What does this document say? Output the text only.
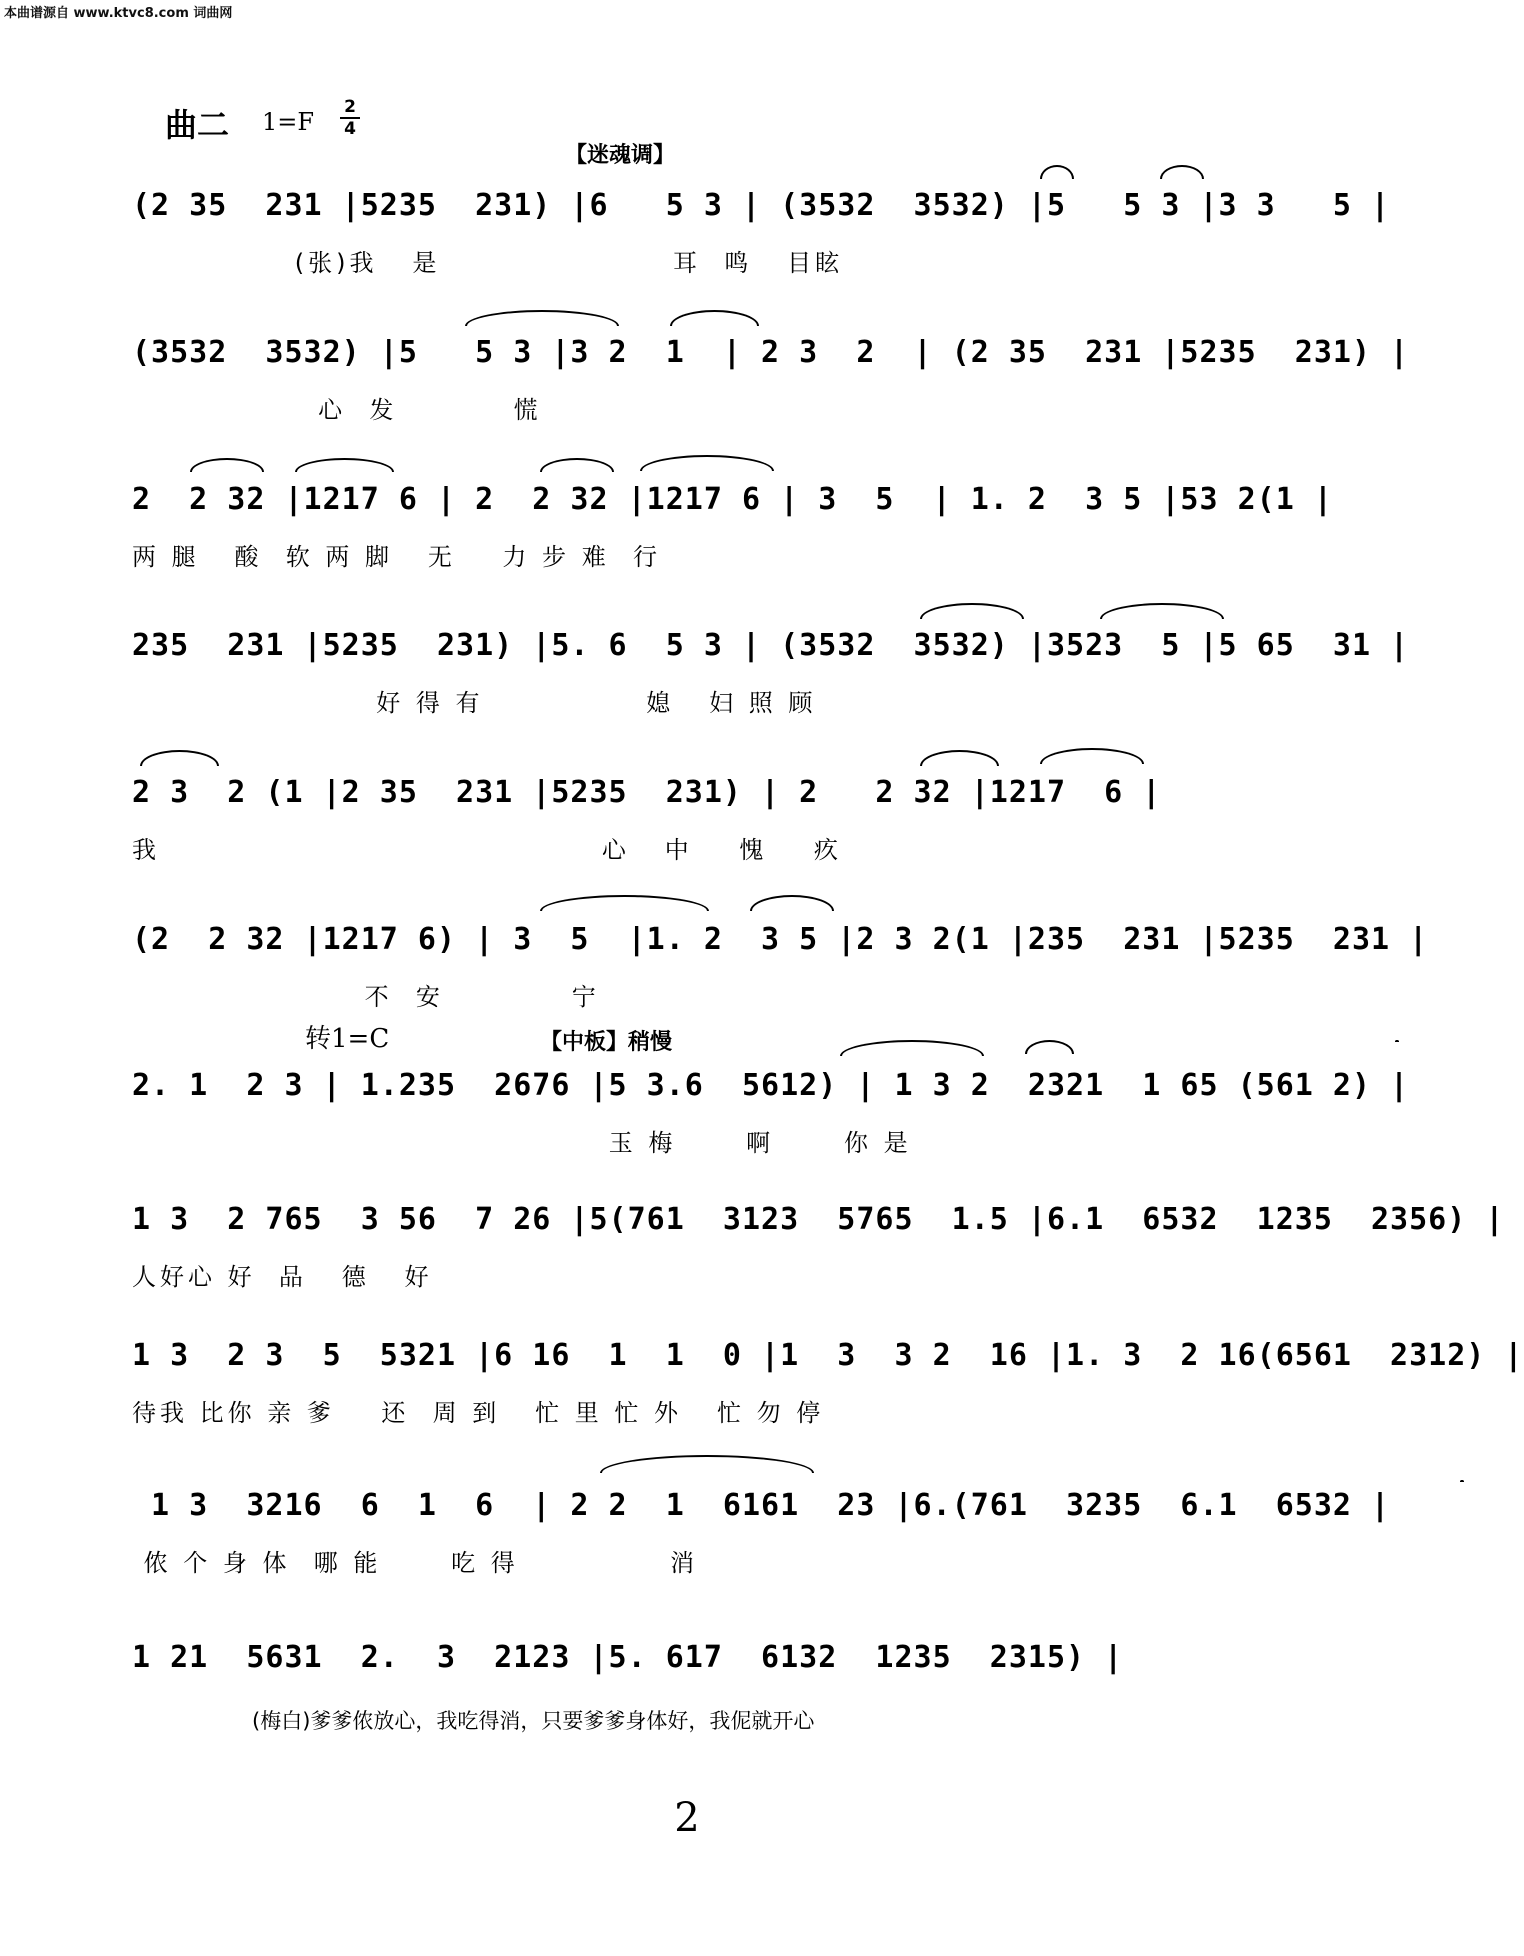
本曲谱源自 www.ktvc8.com 词曲网
曲二 1=F
2
4
【迷魂调】
转1=C	【中板】稍慢
(2 35  231 |5235  231) |6   5 3 | (3532  3532) |5   5 3 |3 3   5 |
(张)我   是                    耳  鸣   目眩
(3532  3532) |5   5 3 |3 2  1  | 2 3  2  | (2 35  231 |5235  231) |
心  发          慌
2  2 32 |1217 6 | 2  2 32 |1217 6 | 3  5  | 1. 2  3 5 |53 2(1 |
两 腿   酸  软 两 脚   无    力 步 难  行
235  231 |5235  231) |5. 6  5 3 | (3532  3532) |3523  5 |5 65  31 |
好 得 有              媳   妇 照 顾
2 3  2 (1 |2 35  231 |5235  231) | 2   2 32 |1217  6 |
我                                      心   中    愧    疚
(2  2 32 |1217 6) | 3  5  |1. 2  3 5 |2 3 2(1 |235  231 |5235  231 |
不  安           宁
2. 1  2 3 | 1.235  2676 |5 3.6  5612) | 1 3 2  2321  1 65 (561 2) |
玉 梅      啊      你 是
1 3  2 765  3 56  7 26 |5(761  3123  5765  1.5 |6.1  6532  1235  2356) |
人好心 好  品   德   好
1 3  2 3  5  5321 |6 16  1  1  0 |1  3  3 2  16 |1. 3  2 16(6561  2312) |
待我 比你 亲 爹    还  周 到   忙 里 忙 外   忙 勿 停
1 3  3216  6  1  6  | 2 2  1  6161  23 |6.(761  3235  6.1  6532 |
侬 个 身 体  哪 能      吃 得             消
1 21  5631  2.  3  2123 |5. 617  6132  1235  2315) |
(梅白)爹爹侬放心，我吃得消，只要爹爹身体好，我伲就开心
2
